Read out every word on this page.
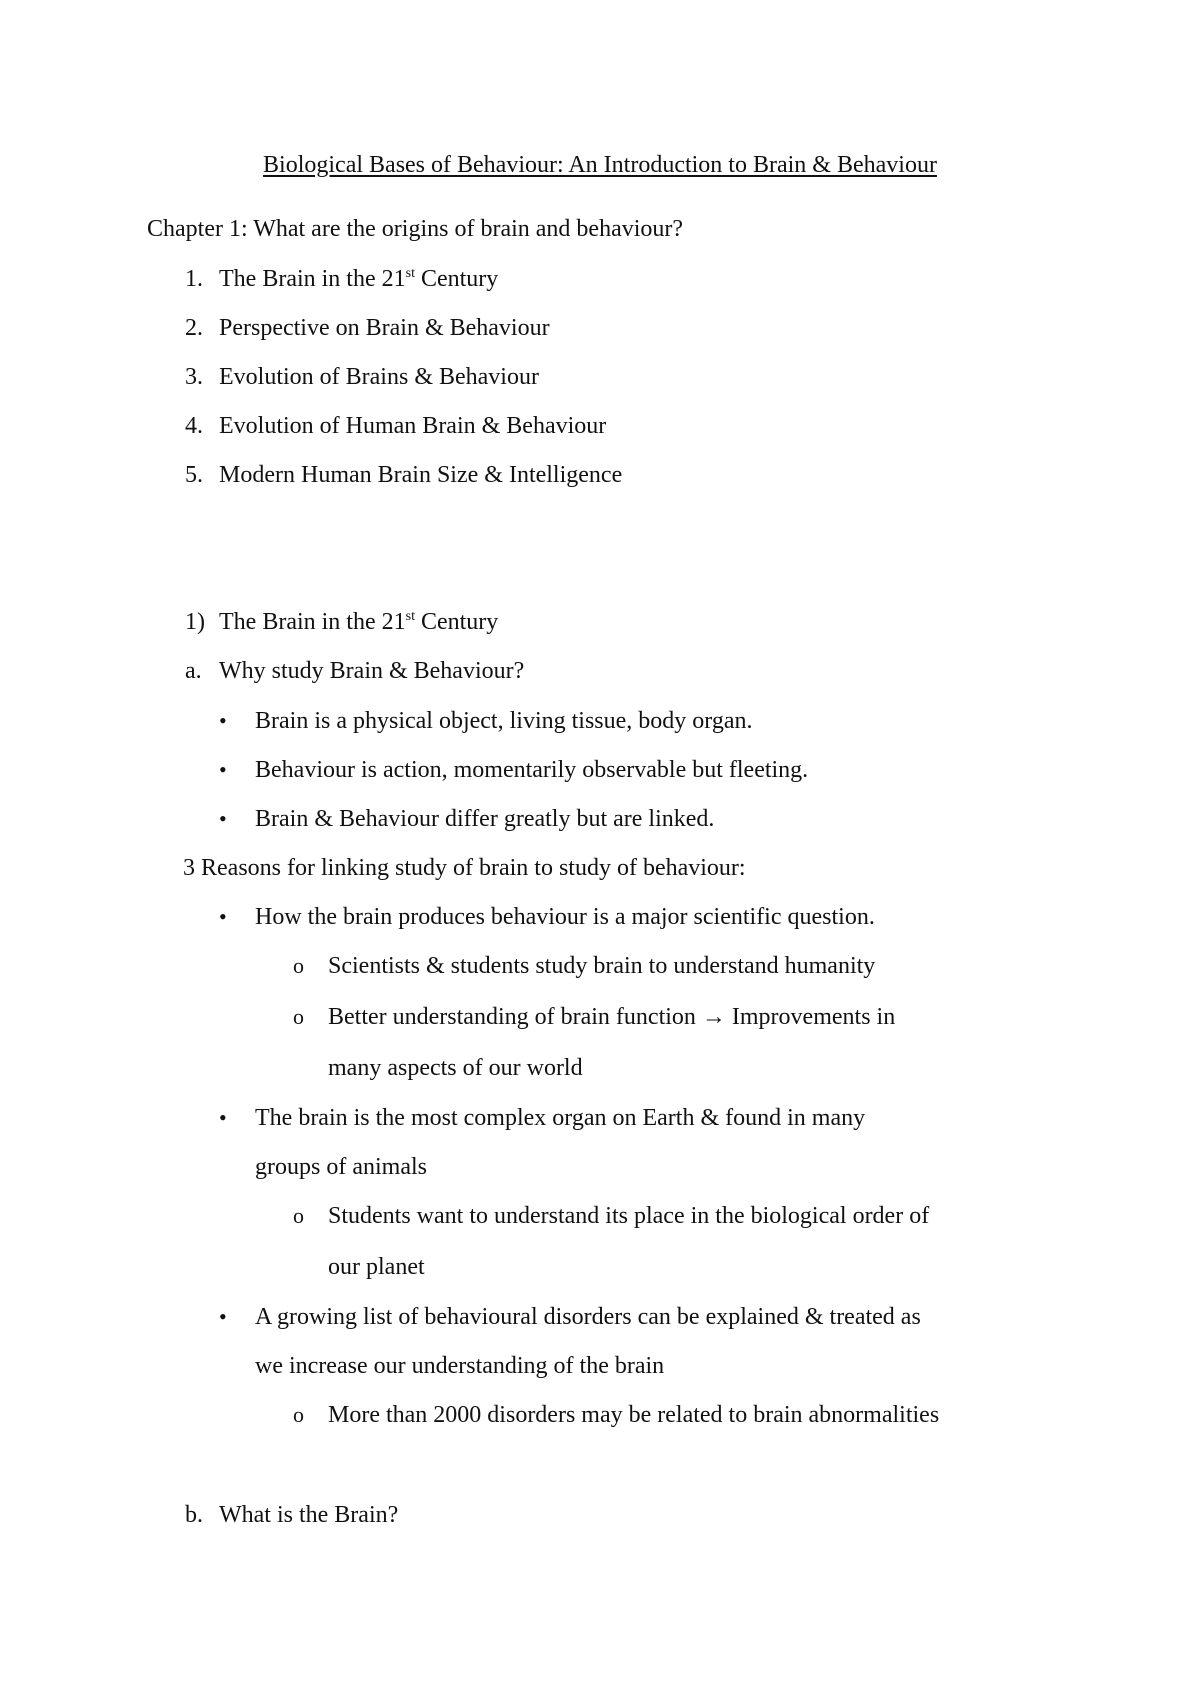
Biological Bases of Behaviour: An Introduction to Brain & Behaviour
Chapter 1: What are the origins of brain and behaviour?
1. The Brain in the 21st Century
2. Perspective on Brain & Behaviour
3. Evolution of Brains & Behaviour
4. Evolution of Human Brain & Behaviour
5. Modern Human Brain Size & Intelligence
1) The Brain in the 21st Century
a. Why study Brain & Behaviour?
• Brain is a physical object, living tissue, body organ.
• Behaviour is action, momentarily observable but fleeting.
• Brain & Behaviour differ greatly but are linked.
3 Reasons for linking study of brain to study of behaviour:
• How the brain produces behaviour is a major scientific question.
o Scientists & students study brain to understand humanity
o Better understanding of brain function → Improvements in
many aspects of our world
• The brain is the most complex organ on Earth & found in many
groups of animals
o Students want to understand its place in the biological order of
our planet
• A growing list of behavioural disorders can be explained & treated as
we increase our understanding of the brain
o More than 2000 disorders may be related to brain abnormalities
b. What is the Brain?
